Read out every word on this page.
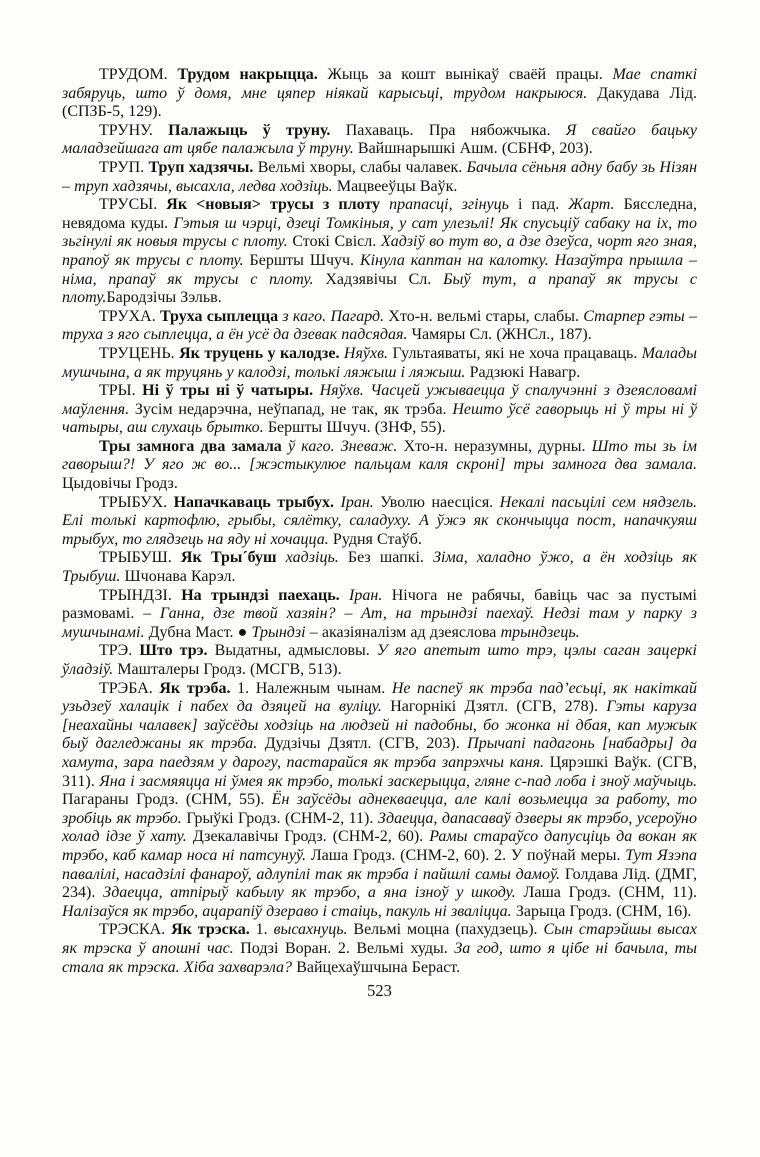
ТРУДОМ. Трудом накрыцца. Жыць за кошт вынікаў сваёй працы. Мае спаткі забяруць, што ў домя, мне цяпер ніякай карысьці, трудом накрыюся. Дакудава Лід. (СПЗБ-5, 129).

ТРУНУ. Палажыць ў труну. Пахаваць. Пра нябожчыка. Я свайго бацьку маладзейшага ат цябе палажыла ў труну. Вайшнарышкі Ашм. (СБНФ, 203).

ТРУП. Труп хадзячы. Вельмі хворы, слабы чалавек. Бачыла сёньня адну бабу зь Нізян – труп хадзячы, высахла, ледва ходзіць. Мацвееўцы Ваўк.

ТРУСЫ. Як <новыя> трусы з плоту прапасці, згінуць і пад. Жарт. Бясследна, невядома куды. Гэтыя ш чэрці, дзеці Томкіныя, у сат улезьлі! Як спусьціў сабаку на іх, то зьгінулі як новыя трусы с плоту. Стокі Свісл. Хадзіў во тут во, а дзе дзеўса, чорт яго зная, прапоў як трусы с плоту. Бершты Шчуч. Кінула каптан на калотку. Назаўтра прышла – німа, прапаў як трусы с плоту. Хадзявічы Сл. Быў тут, а прапаў як трусы с плоту.Бародзічы Зэльв.

ТРУХА. Труха сыплецца з каго. Пагард. Хто-н. вельмі стары, слабы. Старпер гэты – труха з яго сыплецца, а ён усё да дзевак падсядая. Чамяры Сл. (ЖНСл., 187).

ТРУЦЕНЬ. Як труцень у калодзе. Няўхв. Гультаяваты, які не хоча працаваць. Малады мушчына, а як труцянь у калодзі, толькі ляжыш і ляжыш. Радзюкі Навагр.

ТРЫ. Ні ў тры ні ў чатыры. Няўхв. Часцей ужываецца ў спалучэнні з дзеясловамі маўлення. Зусім недарэчна, неўпапад, не так, як трэба. Нешто ўсё гаворыць ні ў тры ні ў чатыры, аш слухаць брытко. Бершты Шчуч. (ЗНФ, 55).

Тры замнога два замала ў каго. Зневаж. Хто-н. неразумны, дурны. Што ты зь ім гаворыш?! У яго ж во... [жэстыкулюе пальцам каля скроні] тры замнога два замала. Цыдовічы Гродз.

ТРЫБУХ. Напачкаваць трыбух. Іран. Уволю наесціся. Некалі пасьцілі сем нядзель. Елі толькі картофлю, грыбы, сялётку, саладуху. А ўжэ як скончыцца пост, напачкуяш трыбух, то глядзець на яду ні хочацца. Рудня Стаўб.

ТРЫБУШ. Як Тры´буш хадзіць. Без шапкі. Зіма, халадно ўжо, а ён ходзіць як Трыбуш. Шчонава Карэл.

ТРЫНДЗІ. На трындзі паехаць. Іран. Нічога не рабячы, бавіць час за пустымі размовамі. – Ганна, дзе твой хазяін? – Ат, на трындзі паехаў. Недзі там у парку з мушчынамі. Дубна Маст. ● Трындзі – аказіяналізм ад дзеяслова трындзець.

ТРЭ. Што трэ. Выдатны, адмысловы. У яго апетыт што трэ, цэлы саган зацеркі ўладзіў. Машталеры Гродз. (МСГВ, 513).

ТРЭБА. Як трэба. 1. Належным чынам. Не паспеў як трэба пад’есьці, як накіткай узьдзеў халацік і пабех да дзяцей на вуліцу. Нагорнікі Дзятл. (СГВ, 278). Гэты каруза [неахайны чалавек] заўсёды ходзіць на людзей ні падобны, бо жонка ні дбая, кап мужык быў дагледжаны як трэба. Дудзічы Дзятл. (СГВ, 203). Прычапі падагонь [набадры] да хамута, зара паедзям у дарогу, пастарайся як трэба запрэхчы каня. Цярэшкі Ваўк. (СГВ, 311). Яна і засмяяцца ні ўмея як трэбо, толькі заскерыцца, гляне с-пад лоба і зноў маўчыць. Пагараны Гродз. (СНМ, 55). Ён заўсёды аднекваецца, але калі возьмецца за работу, то зробіць як трэбо. Грыўкі Гродз. (СНМ-2, 11). Здаецца, дапасаваў дзверы як трэбо, усероўно холад ідзе ў хату. Дзекалавічы Гродз. (СНМ-2, 60). Рамы стараўсо дапусціць да вокан як трэбо, каб камар носа ні патсунуў. Лаша Гродз. (СНМ-2, 60). 2. У поўнай меры. Тут Язэпа павалілі, насадзілі фанароў, адлупілі так як трэба і пайшлі самы дамоў. Голдава Лід. (ДМГ, 234). Здаецца, атпірыў кабылу як трэбо, а яна ізноў у шкоду. Лаша Гродз. (СНМ, 11). Налізаўся як трэбо, ацарапіў дзераво і стаіць, пакуль ні зваліцца. Зарыца Гродз. (СНМ, 16).

ТРЭСКА. Як трэска. 1. высахнуць. Вельмі моцна (пахудзець). Сын старэйшы высах як трэска ў апошні час. Подзі Воран. 2. Вельмі худы. За год, што я цібе ні бачыла, ты стала як трэска. Хіба захварэла? Вайцехаўшчына Бераст.

523
